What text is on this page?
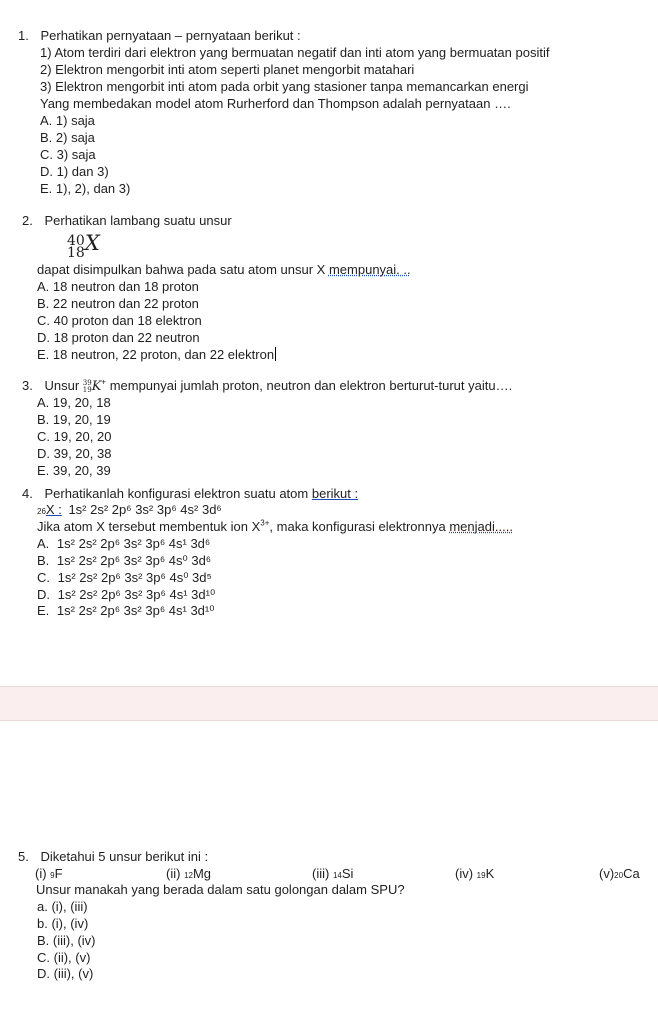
1. Perhatikan pernyataan – pernyataan berikut :
1) Atom terdiri dari elektron yang bermuatan negatif dan inti atom yang bermuatan positif
2) Elektron mengorbit inti atom seperti planet mengorbit matahari
3) Elektron mengorbit inti atom pada orbit yang stasioner tanpa memancarkan energi
Yang membedakan model atom Rurherford dan Thompson adalah pernyataan ….
A. 1) saja
B. 2) saja
C. 3) saja
D. 1) dan 3)
E. 1), 2), dan 3)
2. Perhatikan lambang suatu unsur
40
18X
dapat disimpulkan bahwa pada satu atom unsur X mempunyai. ..
A. 18 neutron dan 18 proton
B. 22 neutron dan 22 proton
C. 40 proton dan 18 elektron
D. 18 proton dan 22 neutron
E. 18 neutron, 22 proton, dan 22 elektron
3. Unsur 39
19K+ mempunyai jumlah proton, neutron dan elektron berturut-turut yaitu….
A. 19, 20, 18
B. 19, 20, 19
C. 19, 20, 20
D. 39, 20, 38
E. 39, 20, 39
4. Perhatikanlah konfigurasi elektron suatu atom berikut :
26X : 1s² 2s² 2p⁶ 3s² 3p⁶ 4s² 3d⁶
Jika atom X tersebut membentuk ion $X^{3+}$, maka konfigurasi elektronnya menjadi.....
A. 1s² 2s² 2p⁶ 3s² 3p⁶ 4s¹ 3d⁶
B. 1s² 2s² 2p⁶ 3s² 3p⁶ 4s⁰ 3d⁶
C. 1s² 2s² 2p⁶ 3s² 3p⁶ 4s⁰ 3d⁵
D. 1s² 2s² 2p⁶ 3s² 3p⁶ 4s¹ 3d¹⁰
E. 1s² 2s² 2p⁶ 3s² 3p⁶ 4s¹ 3d¹⁰
5. Diketahui 5 unsur berikut ini :
(i) 9F	(ii) 12Mg	(iii) 14Si	(iv) 19K	(v)20Ca
Unsur manakah yang berada dalam satu golongan dalam SPU?
a. (i), (iii)
b. (i), (iv)
B. (iii), (iv)
C. (ii), (v)
D. (iii), (v)
